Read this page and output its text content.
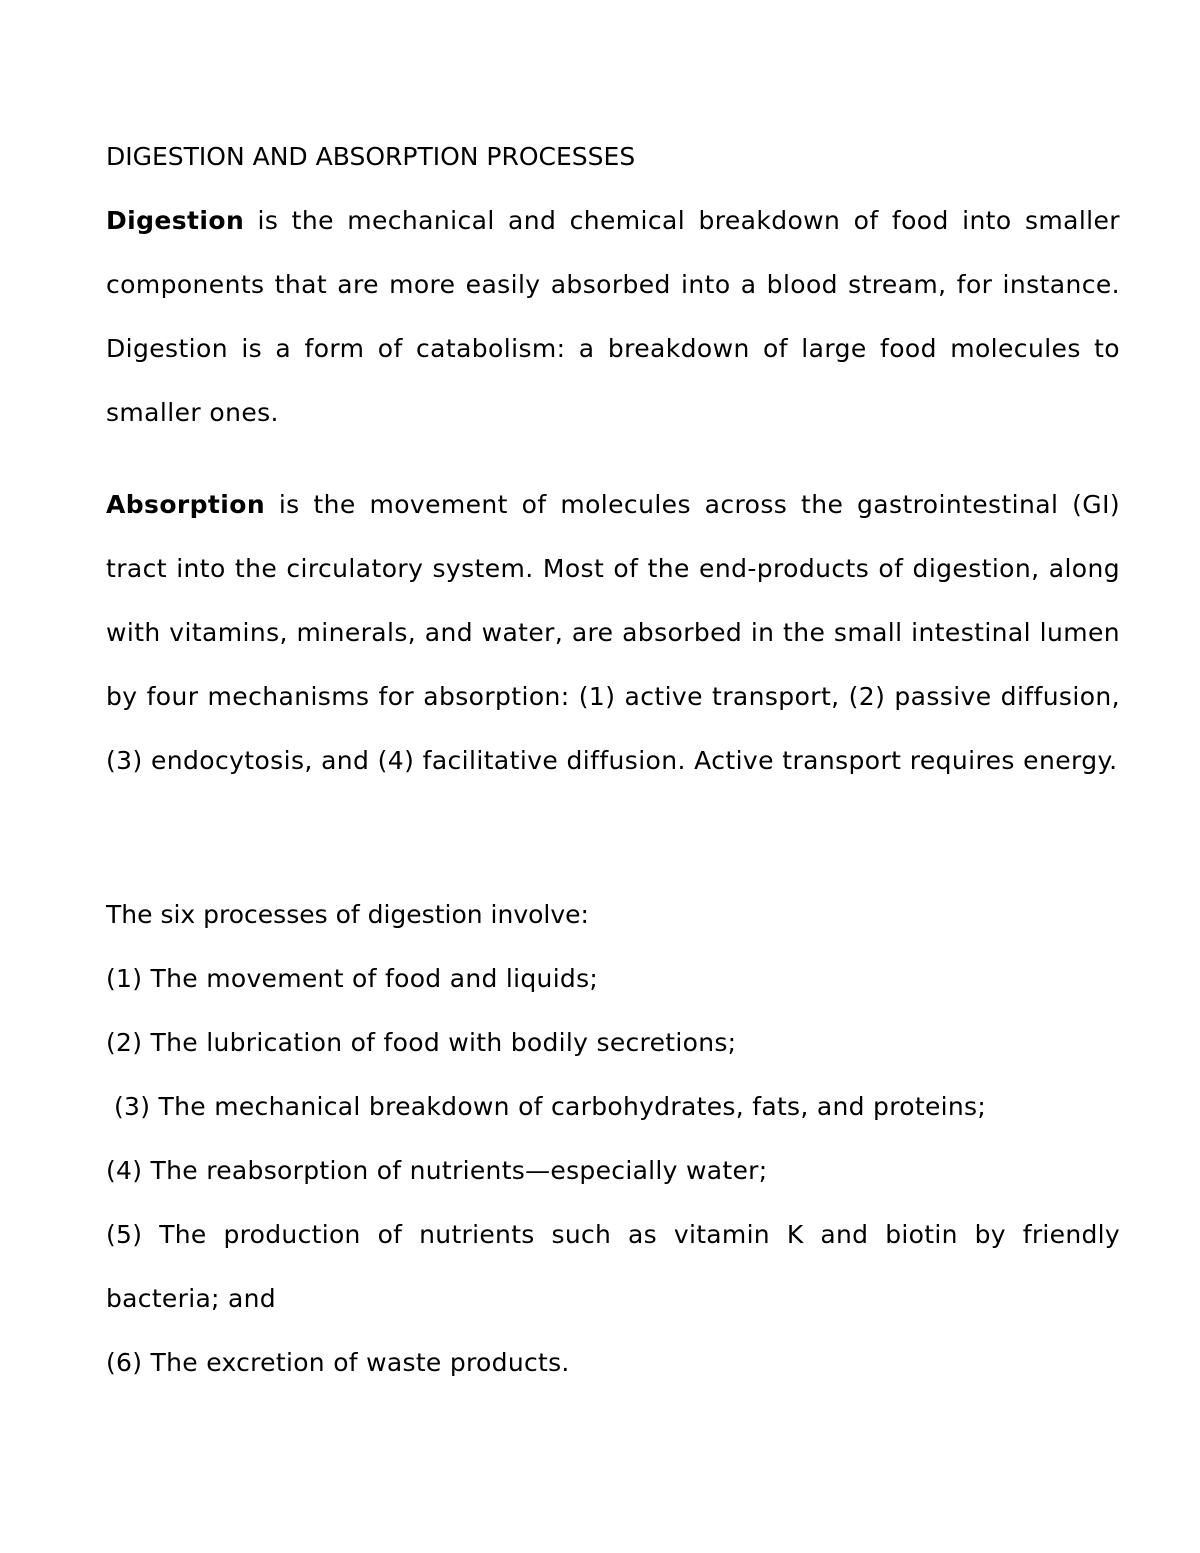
DIGESTION AND ABSORPTION PROCESSES

Digestion is the mechanical and chemical breakdown of food into smaller components that are more easily absorbed into a blood stream, for instance. Digestion is a form of catabolism: a breakdown of large food molecules to smaller ones.

Absorption is the movement of molecules across the gastrointestinal (GI) tract into the circulatory system. Most of the end-products of digestion, along with vitamins, minerals, and water, are absorbed in the small intestinal lumen by four mechanisms for absorption: (1) active transport, (2) passive diffusion, (3) endocytosis, and (4) facilitative diffusion. Active transport requires energy.

The six processes of digestion involve:

(1) The movement of food and liquids;
(2) The lubrication of food with bodily secretions;
(3) The mechanical breakdown of carbohydrates, fats, and proteins;
(4) The reabsorption of nutrients—especially water;
(5) The production of nutrients such as vitamin K and biotin by friendly bacteria; and
(6) The excretion of waste products.
